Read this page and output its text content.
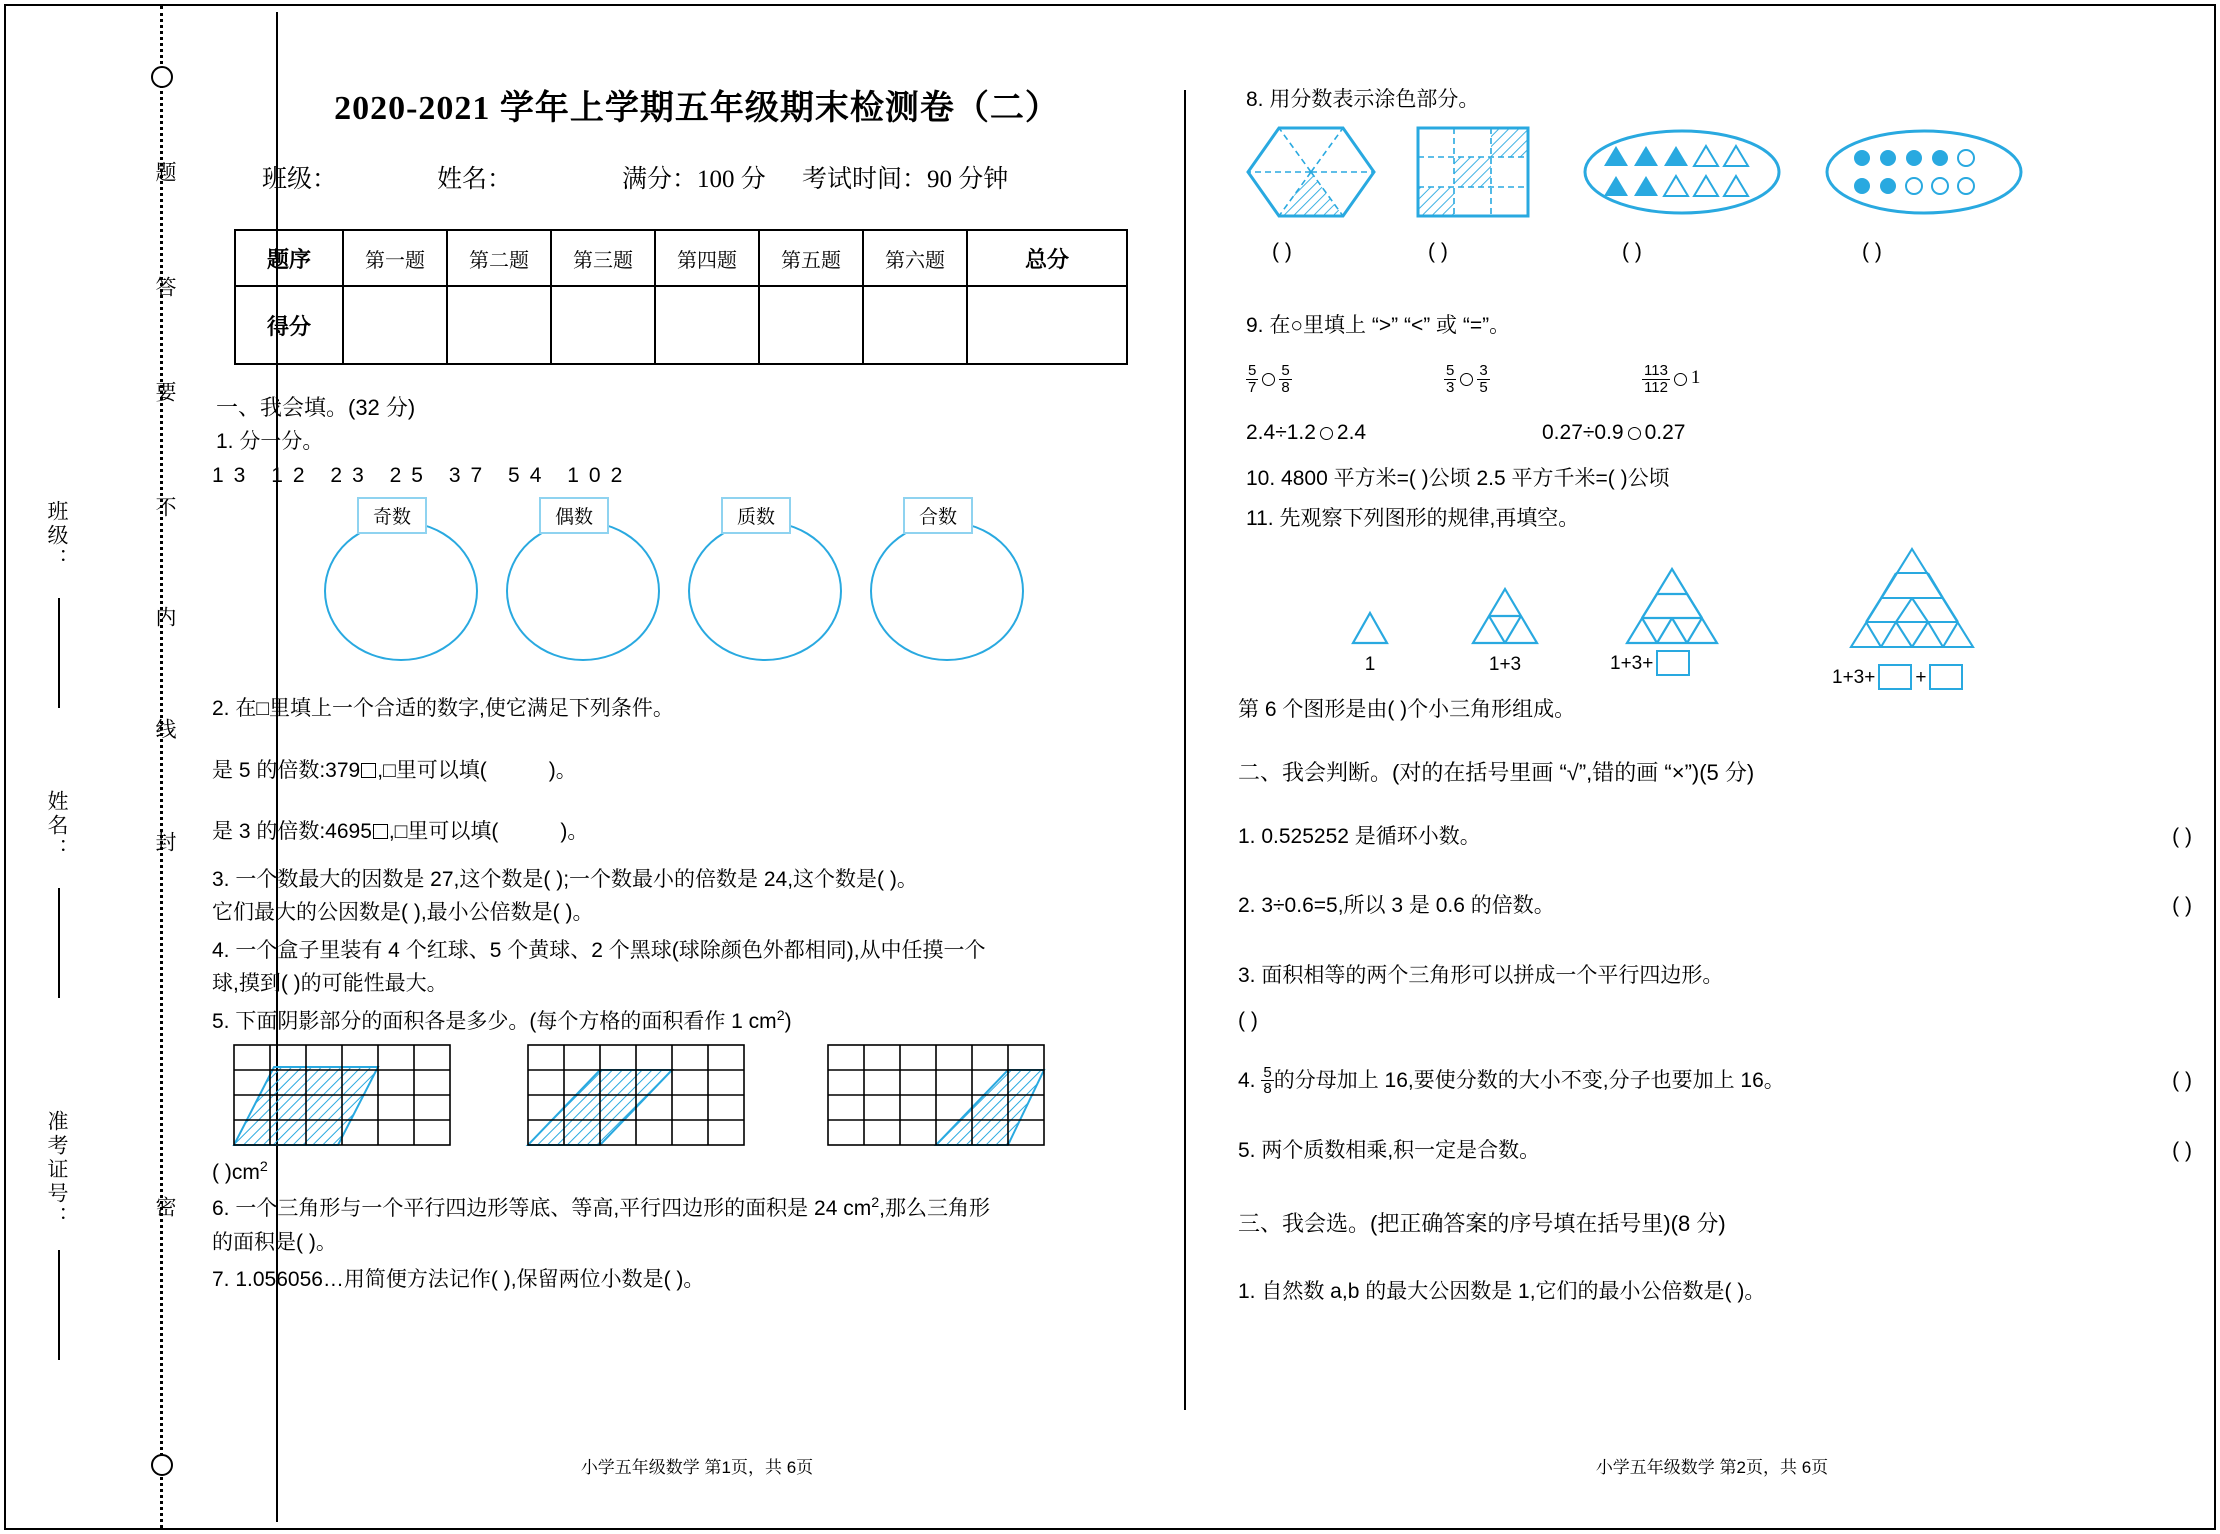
班级：
姓名：
准考证号：
题
答
要
不
内
线
封
密
2020-2021 学年上学期五年级期末检测卷（二）
班级：	姓名：	满分：100 分	考试时间：90 分钟
题序	第一题	第二题	第三题	第四题	第五题	第六题	总分
得分							

一、我会填。(32 分)

1. 分一分。

13 12 23 25 37 54 102

奇数	偶数	质数	合数

2. 在□里填上一个合适的数字,使它满足下列条件。

是 5 的倍数:379 ,□里可以填(	)。

是 3 的倍数:4695 ,□里可以填(	)。

3. 一个数最大的因数是 27,这个数是( );一个数最小的倍数是 24,这个数是( )。

它们最大的公因数是( ),最小公倍数是( )。

4. 一个盒子里装有 4 个红球、5 个黄球、2 个黑球(球除颜色外都相同),从中任摸一个

球,摸到( )的可能性最大。

5. 下面阴影部分的面积各是多少。(每个方格的面积看作 1 $cm^2$)

( )$cm^2$

6. 一个三角形与一个平行四边形等底、等高,平行四边形的面积是 24 $cm^2$,那么三角形

的面积是( )。

7. 1.056056…用简便方法记作( ),保留两位小数是( )。

小学五年级数学 第1页，共 6页

8. 用分数表示涂色部分。

( )	( )	( )	( )

9. 在○里填上 “>” “<” 或 “=”。

$\frac{5}{7} \frac{5}{8}$	$\frac{5}{3} \frac{3}{5}$	$\frac{113}{112} 1$
2.4÷1.2 2.4	0.27÷0.9 0.27

10. 4800 平方米=( )公顷 2.5 平方千米=( )公顷

11. 先观察下列图形的规律,再填空。

1	1+3	1+3+
1+3+ +

第 6 个图形是由( )个小三角形组成。

二、我会判断。(对的在括号里画 “√”,错的画 “×”)(5 分)

1. 0.525252 是循环小数。	( )

2. 3÷0.6=5,所以 3 是 0.6 的倍数。	( )

3. 面积相等的两个三角形可以拼成一个平行四边形。

( )

4. $\frac{5}{8}$ 的分母加上 16,要使分数的大小不变,分子也要加上 16。	( )

5. 两个质数相乘,积一定是合数。	( )

三、我会选。(把正确答案的序号填在括号里)(8 分)

1. 自然数 a,b 的最大公因数是 1,它们的最小公倍数是( )。

小学五年级数学 第2页，共 6页
